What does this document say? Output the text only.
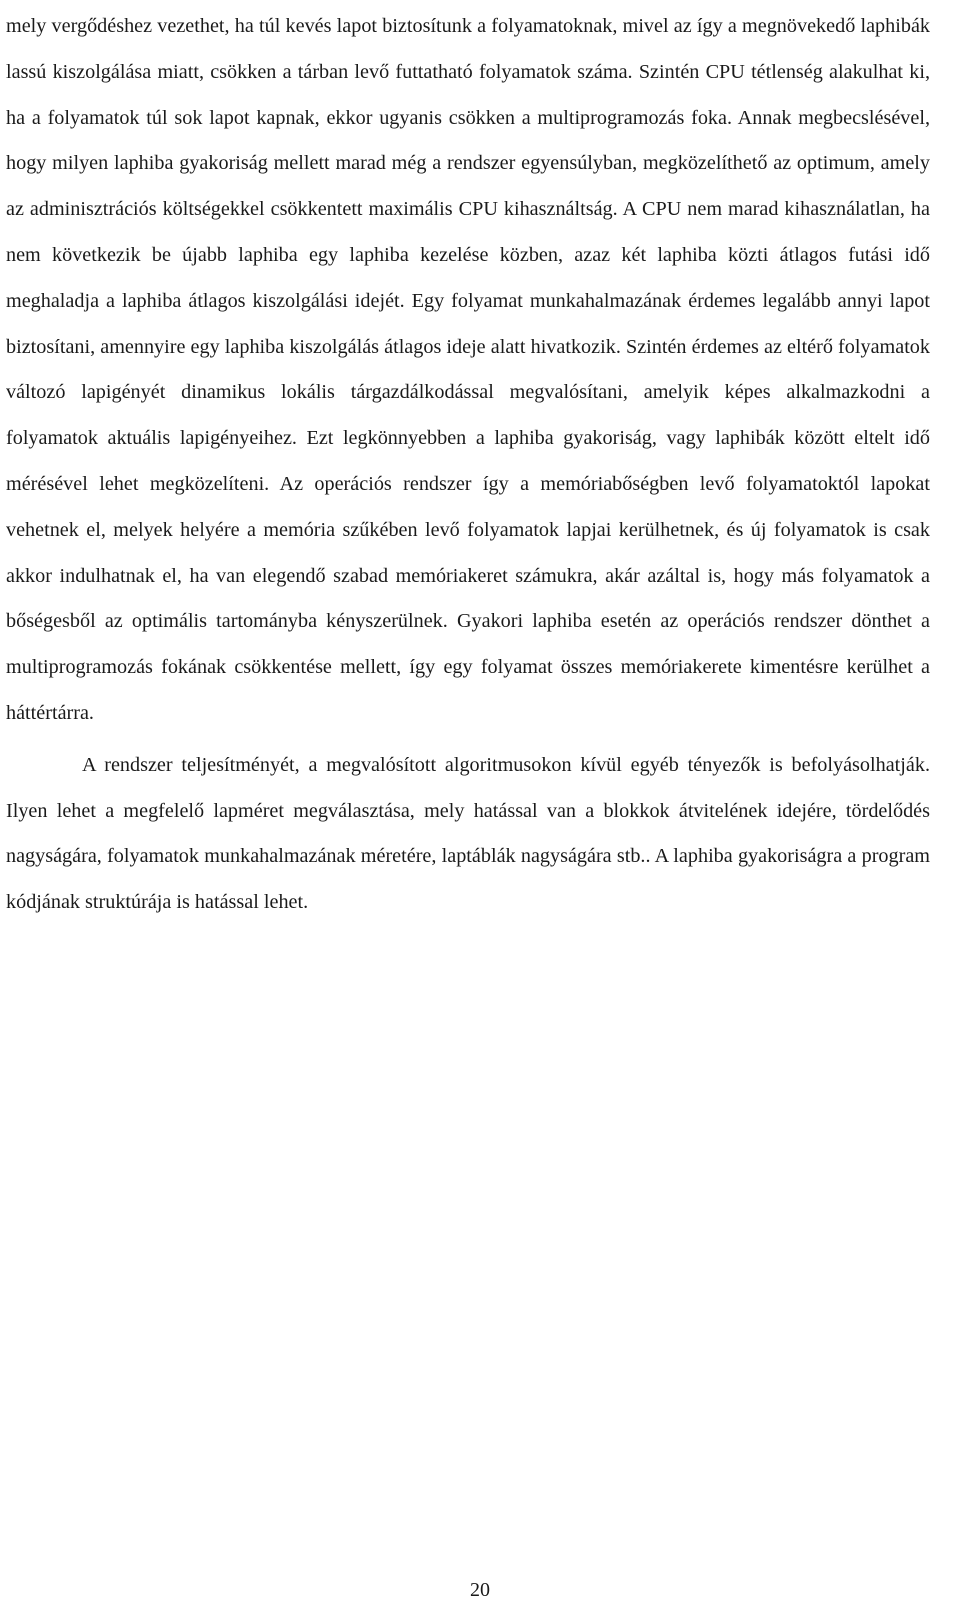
mely vergődéshez vezethet, ha túl kevés lapot biztosítunk a folyamatoknak, mivel az így a megnövekedő laphibák lassú kiszolgálása miatt, csökken a tárban levő futtatható folyamatok száma. Szintén CPU tétlenség alakulhat ki, ha a folyamatok túl sok lapot kapnak, ekkor ugyanis csökken a multiprogramozás foka. Annak megbecslésével, hogy milyen laphiba gyakoriság mellett marad még a rendszer egyensúlyban, megközelíthető az optimum, amely az adminisztrációs költségekkel csökkentett maximális CPU kihasználtság. A CPU nem marad kihasználatlan, ha nem következik be újabb laphiba egy laphiba kezelése közben, azaz két laphiba közti átlagos futási idő meghaladja a laphiba átlagos kiszolgálási idejét. Egy folyamat munkahalmazának érdemes legalább annyi lapot biztosítani, amennyire egy laphiba kiszolgálás átlagos ideje alatt hivatkozik. Szintén érdemes az eltérő folyamatok változó lapigényét dinamikus lokális tárgazdálkodással megvalósítani, amelyik képes alkalmazkodni a folyamatok aktuális lapigényeihez. Ezt legkönnyebben a laphiba gyakoriság, vagy laphibák között eltelt idő mérésével lehet megközelíteni. Az operációs rendszer így a memóriabőségben levő folyamatoktól lapokat vehetnek el, melyek helyére a memória szűkében levő folyamatok lapjai kerülhetnek, és új folyamatok is csak akkor indulhatnak el, ha van elegendő szabad memóriakeret számukra, akár azáltal is, hogy más folyamatok a bőségesből az optimális tartományba kényszerülnek. Gyakori laphiba esetén az operációs rendszer dönthet a multiprogramozás fokának csökkentése mellett, így egy folyamat összes memóriakerete kimentésre kerülhet a háttértárra.

A rendszer teljesítményét, a megvalósított algoritmusokon kívül egyéb tényezők is befolyásolhatják. Ilyen lehet a megfelelő lapméret megválasztása, mely hatással van a blokkok átvitelének idejére, tördelődés nagyságára, folyamatok munkahalmazának méretére, laptáblák nagyságára stb.. A laphiba gyakoriságra a program kódjának struktúrája is hatással lehet.

20
